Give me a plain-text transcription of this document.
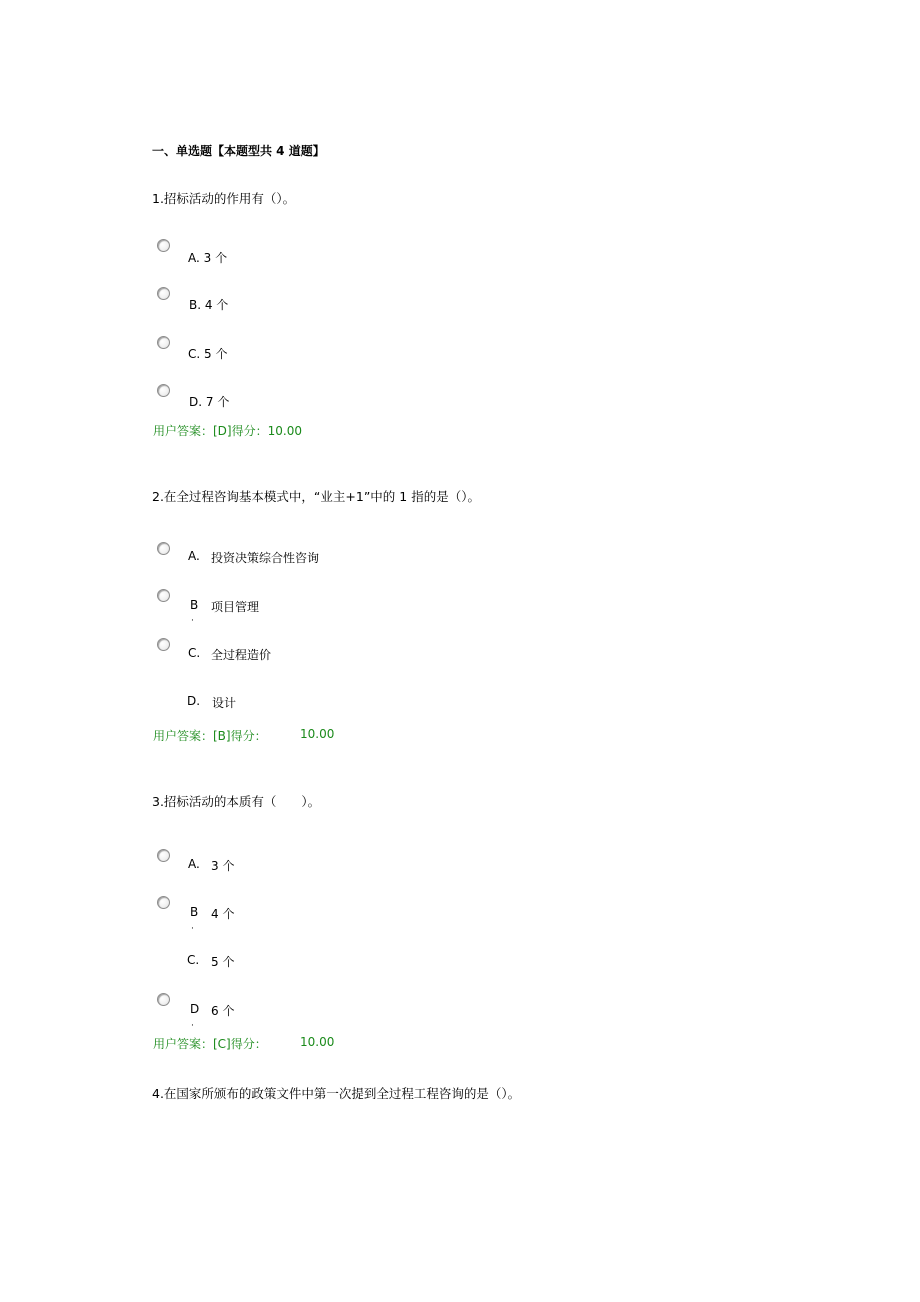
一、单选题【本题型共 4 道题】
1.招标活动的作用有（）。
A. 3 个
B. 4 个
C. 5 个
D. 7 个
用户答案：[D]得分：10.00
2.在全过程咨询基本模式中，“业主+1”中的 1 指的是（）。
A. 投资决策综合性咨询
B
·
项目管理
C. 全过程造价
D. 设计
用户答案：[B]得分：	10.00
3.招标活动的本质有（　　）。
A. 3 个
B
·
4 个
C. 5 个
D
·
6 个
用户答案：[C]得分：	10.00
4.在国家所颁布的政策文件中第一次提到全过程工程咨询的是（）。
